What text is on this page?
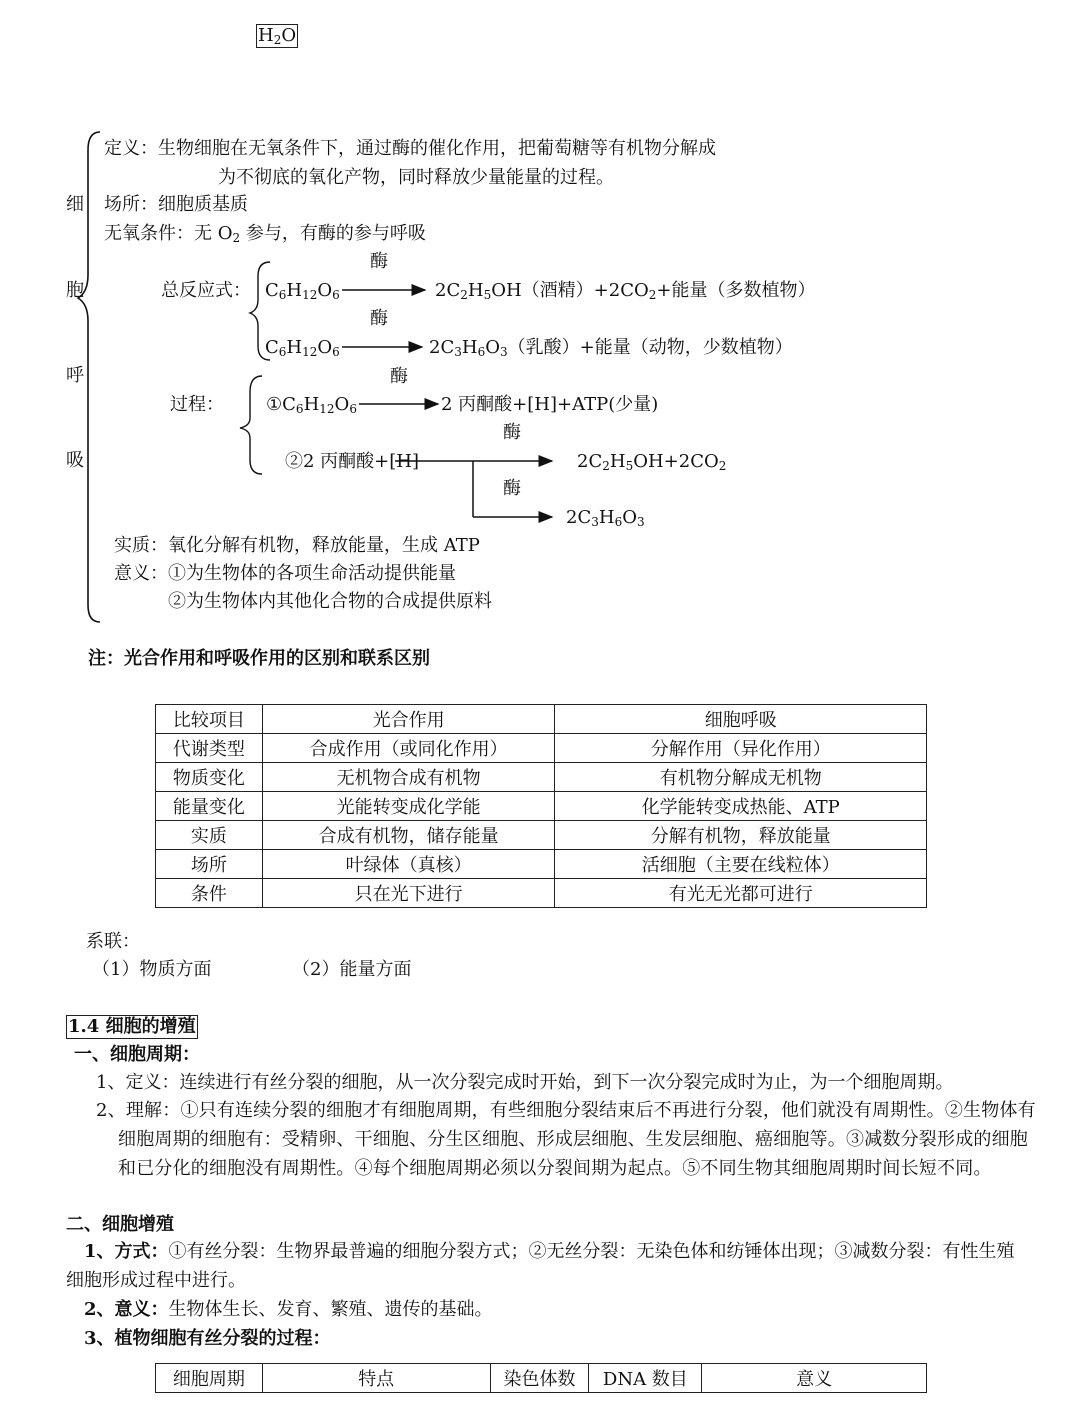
$H_2O$
细
胞
呼
吸
定义：生物细胞在无氧条件下，通过酶的催化作用，把葡萄糖等有机物分解成
为不彻底的氧化产物，同时释放少量能量的过程。
场所：细胞质基质
无氧条件：无 $O_2$ 参与，有酶的参与呼吸
总反应式：
酶
$C_6H_{12}O_6$	$2C_2H_5OH$（酒精）$+2CO_2+$能量（多数植物）
酶
$C_6H_{12}O_6$	$2C_3H_6O_3$（乳酸）+能量（动物，少数植物）
过程：
酶
$①C_6H_{12}O_6$	2 丙酮酸+[H]+ATP(少量)
酶
②2 丙酮酸+[H]	$2C_2H_5OH+2CO_2$
酶
$2C_3H_6O_3$
实质：氧化分解有机物，释放能量，生成 ATP
意义：①为生物体的各项生命活动提供能量
②为生物体内其他化合物的合成提供原料
注：光合作用和呼吸作用的区别和联系区别
比较项目	光合作用	细胞呼吸
代谢类型	合成作用（或同化作用）	分解作用（异化作用）
物质变化	无机物合成有机物	有机物分解成无机物
能量变化	光能转变成化学能	化学能转变成热能、ATP
实质	合成有机物，储存能量	分解有机物，释放能量
场所	叶绿体（真核）	活细胞（主要在线粒体）
条件	只在光下进行	有光无光都可进行
系联：
（1）物质方面	（2）能量方面
1.4 细胞的增殖
一、细胞周期：
1、定义：连续进行有丝分裂的细胞，从一次分裂完成时开始，到下一次分裂完成时为止，为一个细胞周期。
2、理解：①只有连续分裂的细胞才有细胞周期，有些细胞分裂结束后不再进行分裂，他们就没有周期性。②生物体有细胞周期的细胞有：受精卵、干细胞、分生区细胞、形成层细胞、生发层细胞、癌细胞等。③减数分裂形成的细胞和已分化的细胞没有周期性。④每个细胞周期必须以分裂间期为起点。⑤不同生物其细胞周期时间长短不同。
二、细胞增殖
1、方式：①有丝分裂：生物界最普遍的细胞分裂方式；②无丝分裂：无染色体和纺锤体出现；③减数分裂：有性生殖细胞形成过程中进行。
2、意义：生物体生长、发育、繁殖、遗传的基础。
3、植物细胞有丝分裂的过程：
细胞周期	特点	染色体数	DNA 数目	意义
